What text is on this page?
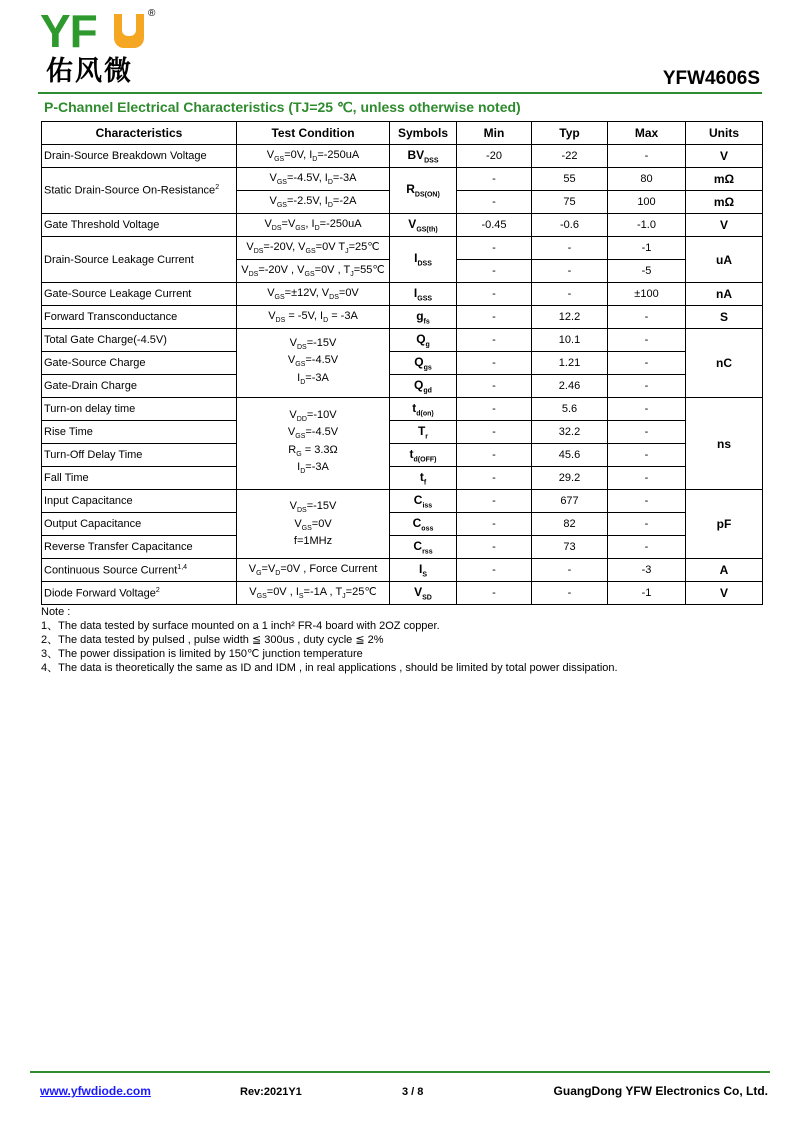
YF	®
佑风微	YFW4606S
P-Channel Electrical Characteristics (TJ=25 ℃, unless otherwise noted)
Characteristics	Test Condition	Symbols	Min	Typ	Max	Units
Drain-Source Breakdown Voltage	$V_{GS}=0V$, $I_D=-250uA$	$BV_{DSS}$	-20	-22	-	V
Static Drain-Source On-Resistance$^2$	$V_{GS}=-4.5V$, $I_D=-3A$	$R_{DS(ON)}$	-	55	80	mΩ
	$V_{GS}=-2.5V$, $I_D=-2A$		-	75	100	mΩ
Gate Threshold Voltage	$V_{DS}=V_{GS}$, $I_D=-250uA$	$V_{GS(th)}$	-0.45	-0.6	-1.0	V
Drain-Source Leakage Current	$V_{DS}=-20V$, $V_{GS}=0V$ $T_J=25℃$	$I_{DSS}$	-	-	-1	uA
	$V_{DS}=-20V$ , $V_{GS}=0V$ , $T_J=55℃$		-	-	-5	
Gate-Source Leakage Current	$V_{GS}=\pm 12V$, $V_{DS}=0V$	$I_{GSS}$	-	-	±100	nA
Forward Transconductance	$V_{DS} = -5V$, $I_D = -3A$	$g_{fs}$	-	12.2	-	S
Total Gate Charge(-4.5V)	$V_{DS}=-15V$
$V_{GS}=-4.5V$
$I_D=-3A$	$Q_g$	-	10.1	-	nC
Gate-Source Charge		$Q_{gs}$	-	1.21	-	
Gate-Drain Charge		$Q_{gd}$	-	2.46	-	
Turn-on delay time	$V_{DD}=-10V$
$V_{GS}=-4.5V$
$R_G = 3.3\Omega$
$I_D=-3A$	$t_{d(on)}$	-	5.6	-	ns
Rise Time		$T_r$	-	32.2	-	
Turn-Off Delay Time		$t_{d(OFF)}$	-	45.6	-	
Fall Time		$t_f$	-	29.2	-	
Input Capacitance	$V_{DS}=-15V$
$V_{GS}=0V$
f=1MHz	$C_{iss}$	-	677	-	pF
Output Capacitance		$C_{oss}$	-	82	-	
Reverse Transfer Capacitance		$C_{rss}$	-	73	-	
Continuous Source Current$^{1,4}$	$V_G=V_D=0V$ , Force Current	$I_S$	-	-	-3	A
Diode Forward Voltage$^2$	$V_{GS}=0V$ , $I_S=-1A$ , $T_J=25℃$	$V_{SD}$	-	-	-1	V
Note :
1、The data tested by surface mounted on a 1 inch² FR-4 board with 2OZ copper.
2、The data tested by pulsed , pulse width ≦ 300us , duty cycle ≦ 2%
3、The power dissipation is limited by 150℃ junction temperature
4、The data is theoretically the same as ID and IDM , in real applications , should be limited by total power dissipation.
www.yfwdiode.com	Rev:2021Y1	3 / 8	GuangDong YFW Electronics Co, Ltd.
